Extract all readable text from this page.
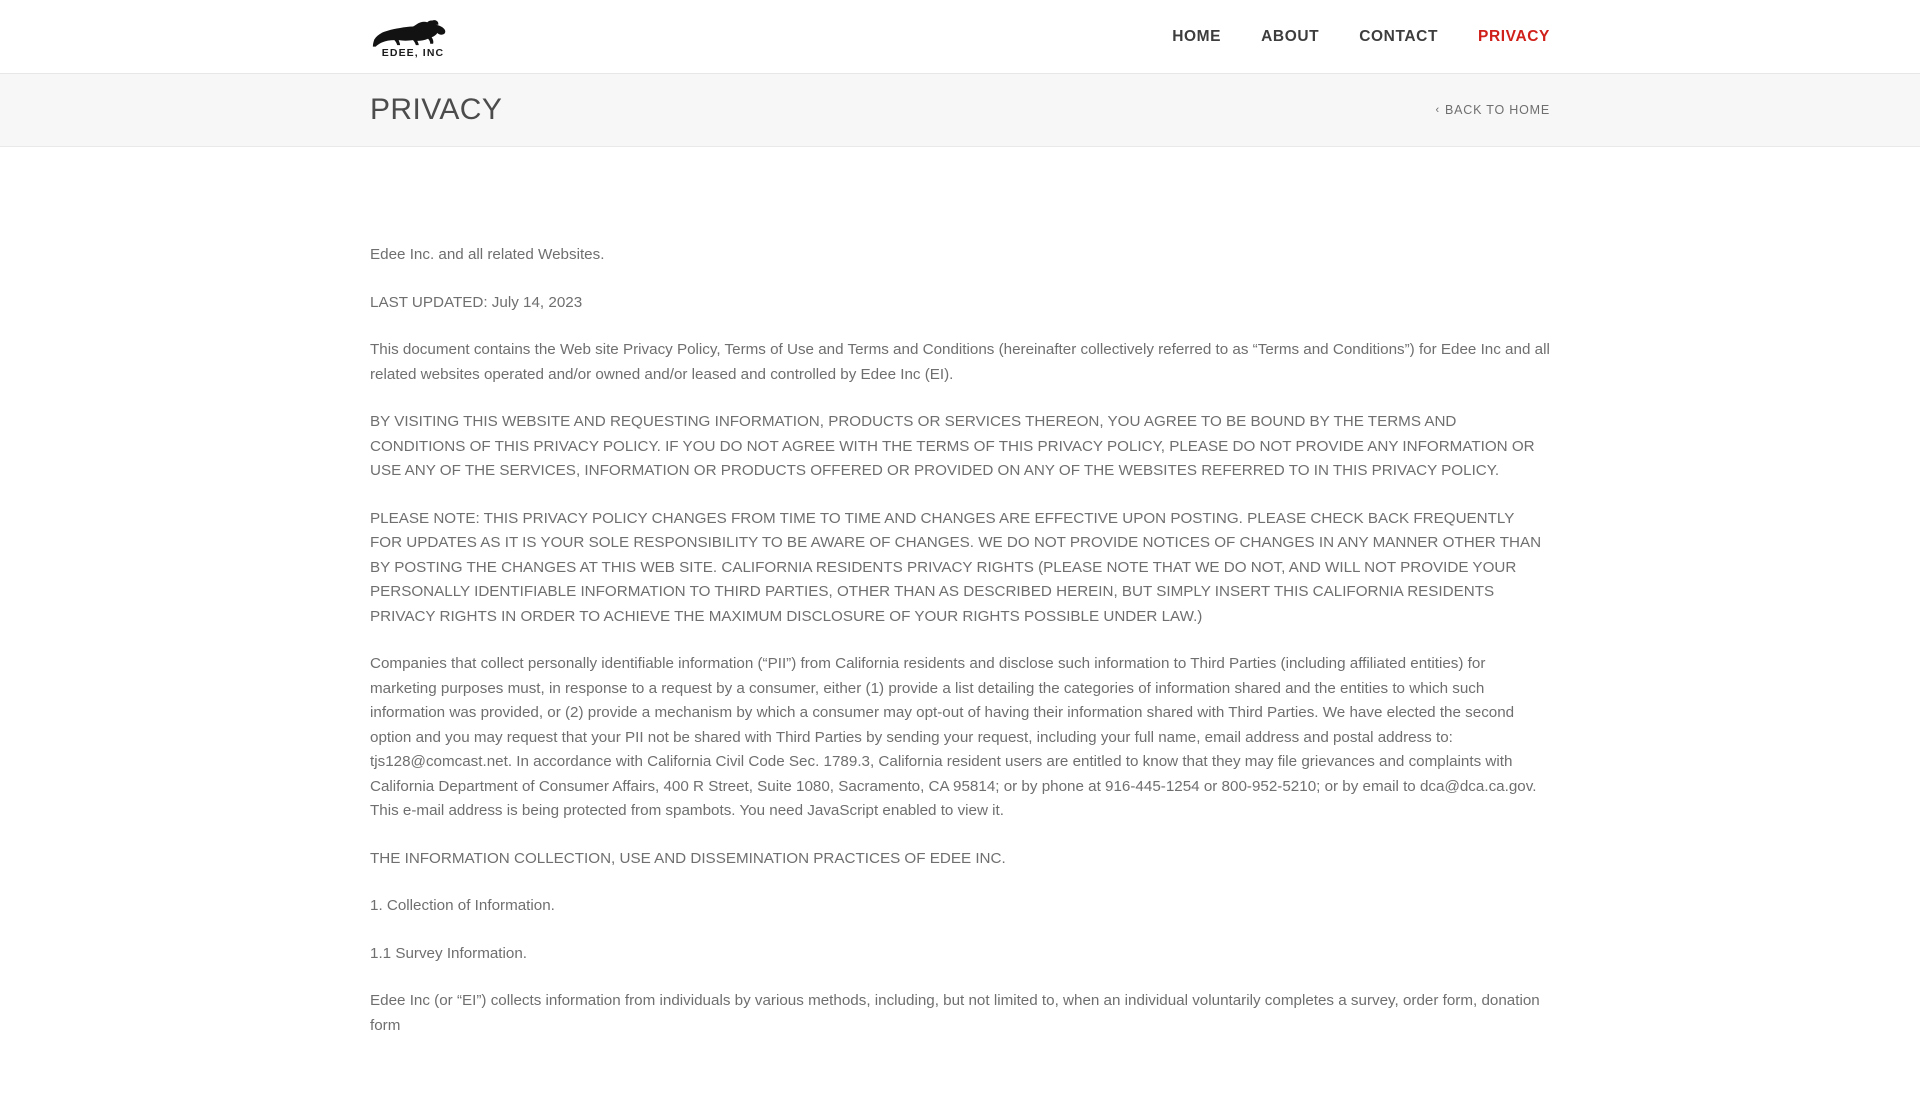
EDEE, INC
HOME	ABOUT	CONTACT	PRIVACY
PRIVACY	‹ BACK TO HOME

Edee Inc. and all related Websites.

LAST UPDATED: July 14, 2023

This document contains the Web site Privacy Policy, Terms of Use and Terms and Conditions (hereinafter collectively referred to as “Terms and Conditions”) for Edee Inc and all related websites operated and/or owned and/or leased and controlled by Edee Inc (EI).

BY VISITING THIS WEBSITE AND REQUESTING INFORMATION, PRODUCTS OR SERVICES THEREON, YOU AGREE TO BE BOUND BY THE TERMS AND CONDITIONS OF THIS PRIVACY POLICY. IF YOU DO NOT AGREE WITH THE TERMS OF THIS PRIVACY POLICY, PLEASE DO NOT PROVIDE ANY INFORMATION OR USE ANY OF THE SERVICES, INFORMATION OR PRODUCTS OFFERED OR PROVIDED ON ANY OF THE WEBSITES REFERRED TO IN THIS PRIVACY POLICY.

PLEASE NOTE: THIS PRIVACY POLICY CHANGES FROM TIME TO TIME AND CHANGES ARE EFFECTIVE UPON POSTING. PLEASE CHECK BACK FREQUENTLY FOR UPDATES AS IT IS YOUR SOLE RESPONSIBILITY TO BE AWARE OF CHANGES. WE DO NOT PROVIDE NOTICES OF CHANGES IN ANY MANNER OTHER THAN BY POSTING THE CHANGES AT THIS WEB SITE. CALIFORNIA RESIDENTS PRIVACY RIGHTS (PLEASE NOTE THAT WE DO NOT, AND WILL NOT PROVIDE YOUR PERSONALLY IDENTIFIABLE INFORMATION TO THIRD PARTIES, OTHER THAN AS DESCRIBED HEREIN, BUT SIMPLY INSERT THIS CALIFORNIA RESIDENTS PRIVACY RIGHTS IN ORDER TO ACHIEVE THE MAXIMUM DISCLOSURE OF YOUR RIGHTS POSSIBLE UNDER LAW.)

Companies that collect personally identifiable information (“PII”) from California residents and disclose such information to Third Parties (including affiliated entities) for marketing purposes must, in response to a request by a consumer, either (1) provide a list detailing the categories of information shared and the entities to which such information was provided, or (2) provide a mechanism by which a consumer may opt-out of having their information shared with Third Parties. We have elected the second option and you may request that your PII not be shared with Third Parties by sending your request, including your full name, email address and postal address to: tjs128@comcast.net. In accordance with California Civil Code Sec. 1789.3, California resident users are entitled to know that they may file grievances and complaints with California Department of Consumer Affairs, 400 R Street, Suite 1080, Sacramento, CA 95814; or by phone at 916-445-1254 or 800-952-5210; or by email to dca@dca.ca.gov. This e-mail address is being protected from spambots. You need JavaScript enabled to view it.

THE INFORMATION COLLECTION, USE AND DISSEMINATION PRACTICES OF EDEE INC.

1. Collection of Information.

1.1 Survey Information.

Edee Inc (or “EI”) collects information from individuals by various methods, including, but not limited to, when an individual voluntarily completes a survey, order form, donation form
